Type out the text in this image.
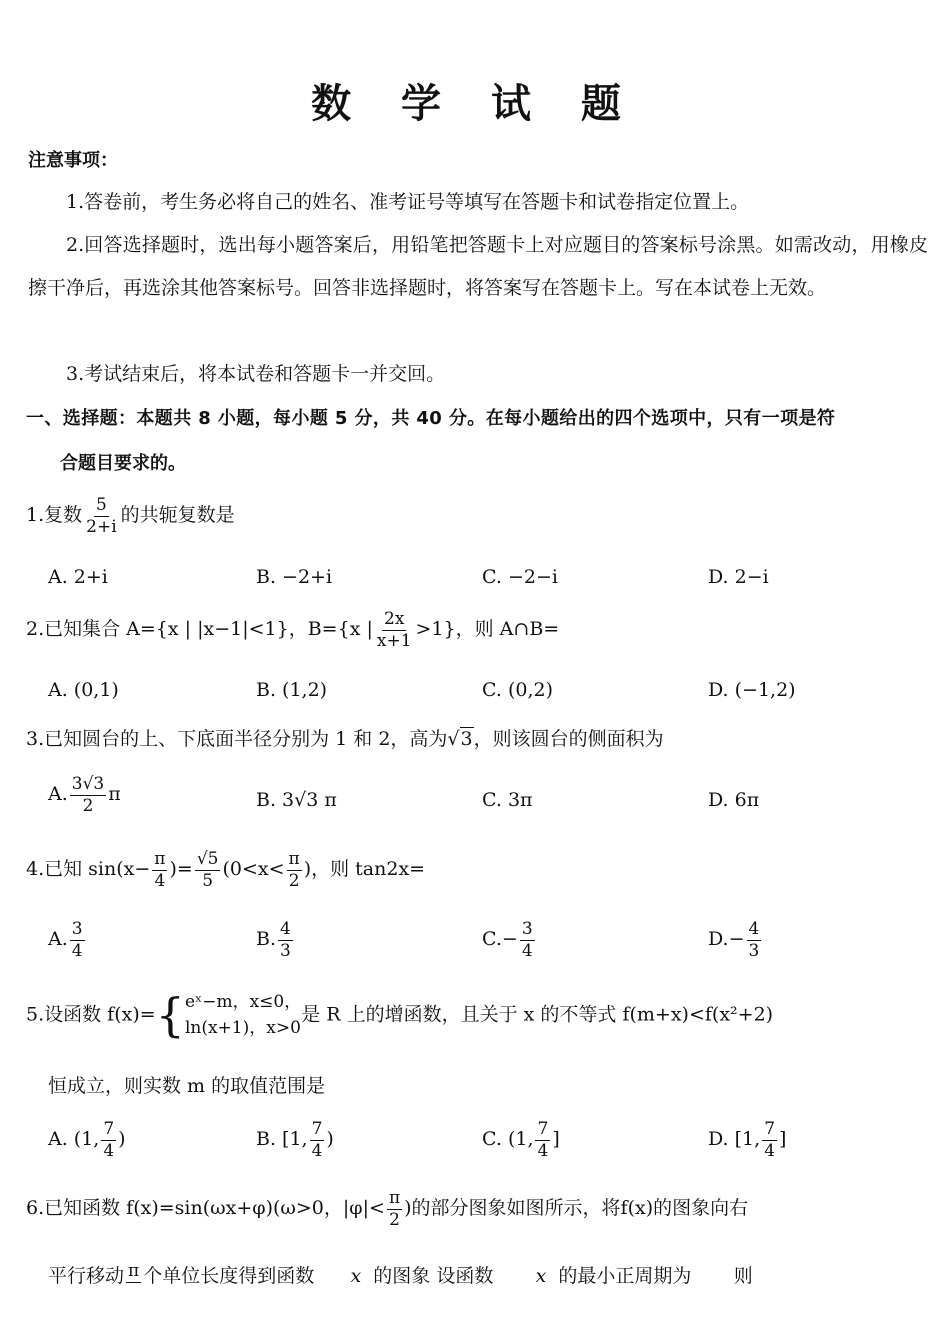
数 学 试 题
注意事项：
1.答卷前，考生务必将自己的姓名、准考证号等填写在答题卡和试卷指定位置上。
2.回答选择题时，选出每小题答案后，用铅笔把答题卡上对应题目的答案标号涂黑。如需改动，用橡皮擦干净后，再选涂其他答案标号。回答非选择题时，将答案写在答题卡上。写在本试卷上无效。
3.考试结束后，将本试卷和答题卡一并交回。
一、选择题：本题共 8 小题，每小题 5 分，共 40 分。在每小题给出的四个选项中，只有一项是符
合题目要求的。
1.复数 $\frac{5}{2+i}$ 的共轭复数是
A. 2+i	B. −2+i	C. −2−i	D. 2−i
2.已知集合 A={x | |x−1|<1}，B={x | $\frac{2x}{x+1} >1$}，则 A∩B=
A. (0,1)	B. (1,2)	C. (0,2)	D. (−1,2)
3.已知圆台的上、下底面半径分别为 1 和 2，高为√3，则该圆台的侧面积为
A. $\frac{3√3}{2}$ π	B. 3√3 π	C. 3π	D. 6π
4.已知 $\sin(x- \frac{\pi}{4}$ )= $\frac{√5}{5} (0<x< \frac{\pi}{2}$ )，则 tan2x=
A. $\frac{3}{4}$	B. $\frac{4}{3}$	$C.- \frac{3}{4}$	$D.- \frac{4}{3}$
5.设函数 f(x)={ eˣ−m，x≤0，
ln(x+1)，x>0
是 R 上的增函数，且关于 x 的不等式 f(m+x)<f(x²+2)
恒成立，则实数 m 的取值范围是
A. (1, $\frac{7}{4}$ )	B. [1, $\frac{7}{4}$ )	C. (1, $\frac{7}{4}$ ]	D. [1, $\frac{7}{4}$ ]
6.已知函数 f(x)=sin(ωx+φ)(ω>0，$|\varphi|< \frac{\pi}{2}$ )的部分图象如图所示，将f(x)的图象向右
平行移动 π 个单位长度得到函数 x 的图象 设函数 x 的最小正周期为 则
